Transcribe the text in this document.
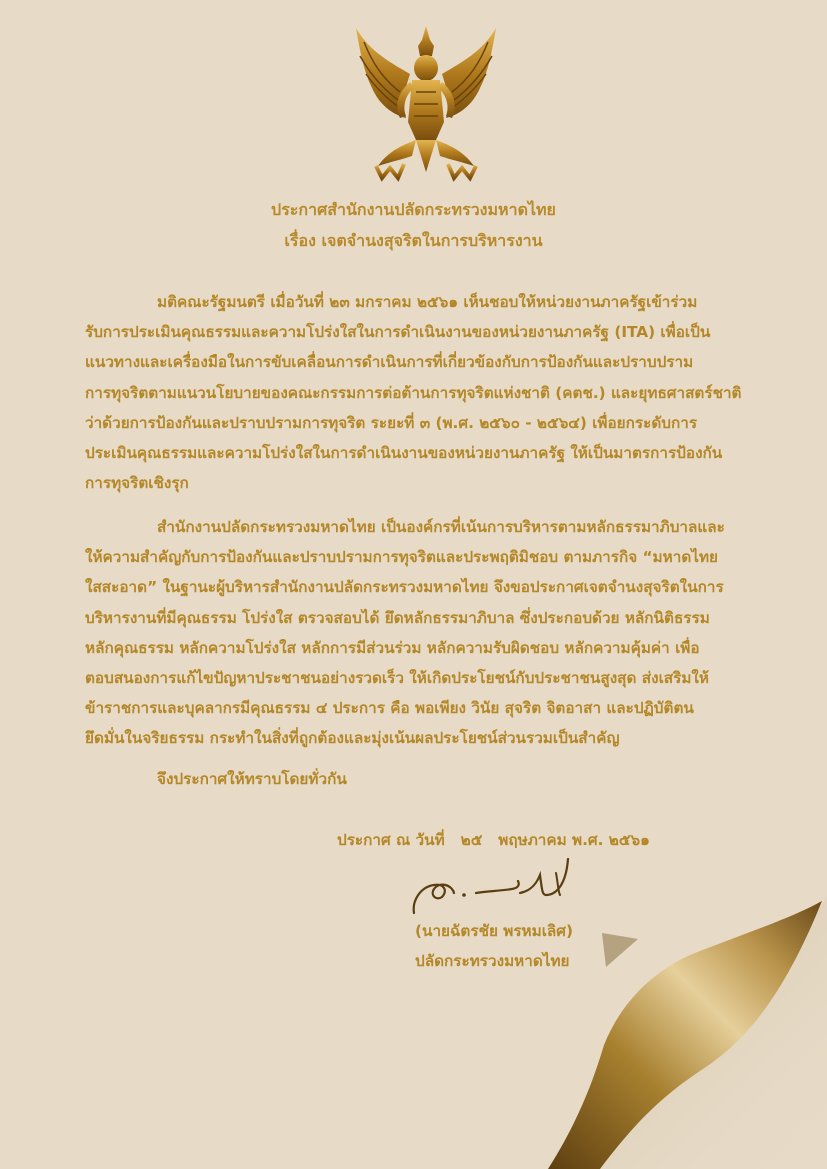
ประกาศสำนักงานปลัดกระทรวงมหาดไทย
เรื่อง เจตจำนงสุจริตในการบริหารงาน
มติคณะรัฐมนตรี เมื่อวันที่ ๒๓ มกราคม ๒๕๖๑ เห็นชอบให้หน่วยงานภาครัฐเข้าร่วม
รับการประเมินคุณธรรมและความโปร่งใสในการดำเนินงานของหน่วยงานภาครัฐ (ITA) เพื่อเป็น
แนวทางและเครื่องมือในการขับเคลื่อนการดำเนินการที่เกี่ยวข้องกับการป้องกันและปราบปราม
การทุจริตตามแนวนโยบายของคณะกรรมการต่อต้านการทุจริตแห่งชาติ (คตช.) และยุทธศาสตร์ชาติ
ว่าด้วยการป้องกันและปราบปรามการทุจริต ระยะที่ ๓ (พ.ศ. ๒๕๖๐ - ๒๕๖๔) เพื่อยกระดับการ
ประเมินคุณธรรมและความโปร่งใสในการดำเนินงานของหน่วยงานภาครัฐ ให้เป็นมาตรการป้องกัน
การทุจริตเชิงรุก
สำนักงานปลัดกระทรวงมหาดไทย เป็นองค์กรที่เน้นการบริหารตามหลักธรรมาภิบาลและ
ให้ความสำคัญกับการป้องกันและปราบปรามการทุจริตและประพฤติมิชอบ ตามภารกิจ “มหาดไทย
ใสสะอาด” ในฐานะผู้บริหารสำนักงานปลัดกระทรวงมหาดไทย จึงขอประกาศเจตจำนงสุจริตในการ
บริหารงานที่มีคุณธรรม โปร่งใส ตรวจสอบได้ ยึดหลักธรรมาภิบาล ซึ่งประกอบด้วย หลักนิติธรรม
หลักคุณธรรม หลักความโปร่งใส หลักการมีส่วนร่วม หลักความรับผิดชอบ หลักความคุ้มค่า เพื่อ
ตอบสนองการแก้ไขปัญหาประชาชนอย่างรวดเร็ว ให้เกิดประโยชน์กับประชาชนสูงสุด ส่งเสริมให้
ข้าราชการและบุคลากรมีคุณธรรม ๔ ประการ คือ พอเพียง วินัย สุจริต จิตอาสา และปฏิบัติตน
ยึดมั่นในจริยธรรม กระทำในสิ่งที่ถูกต้องและมุ่งเน้นผลประโยชน์ส่วนรวมเป็นสำคัญ
จึงประกาศให้ทราบโดยทั่วกัน
ประกาศ ณ วันที่   ๒๕   พฤษภาคม พ.ศ. ๒๕๖๑
(นายฉัตรชัย พรหมเลิศ)
ปลัดกระทรวงมหาดไทย
